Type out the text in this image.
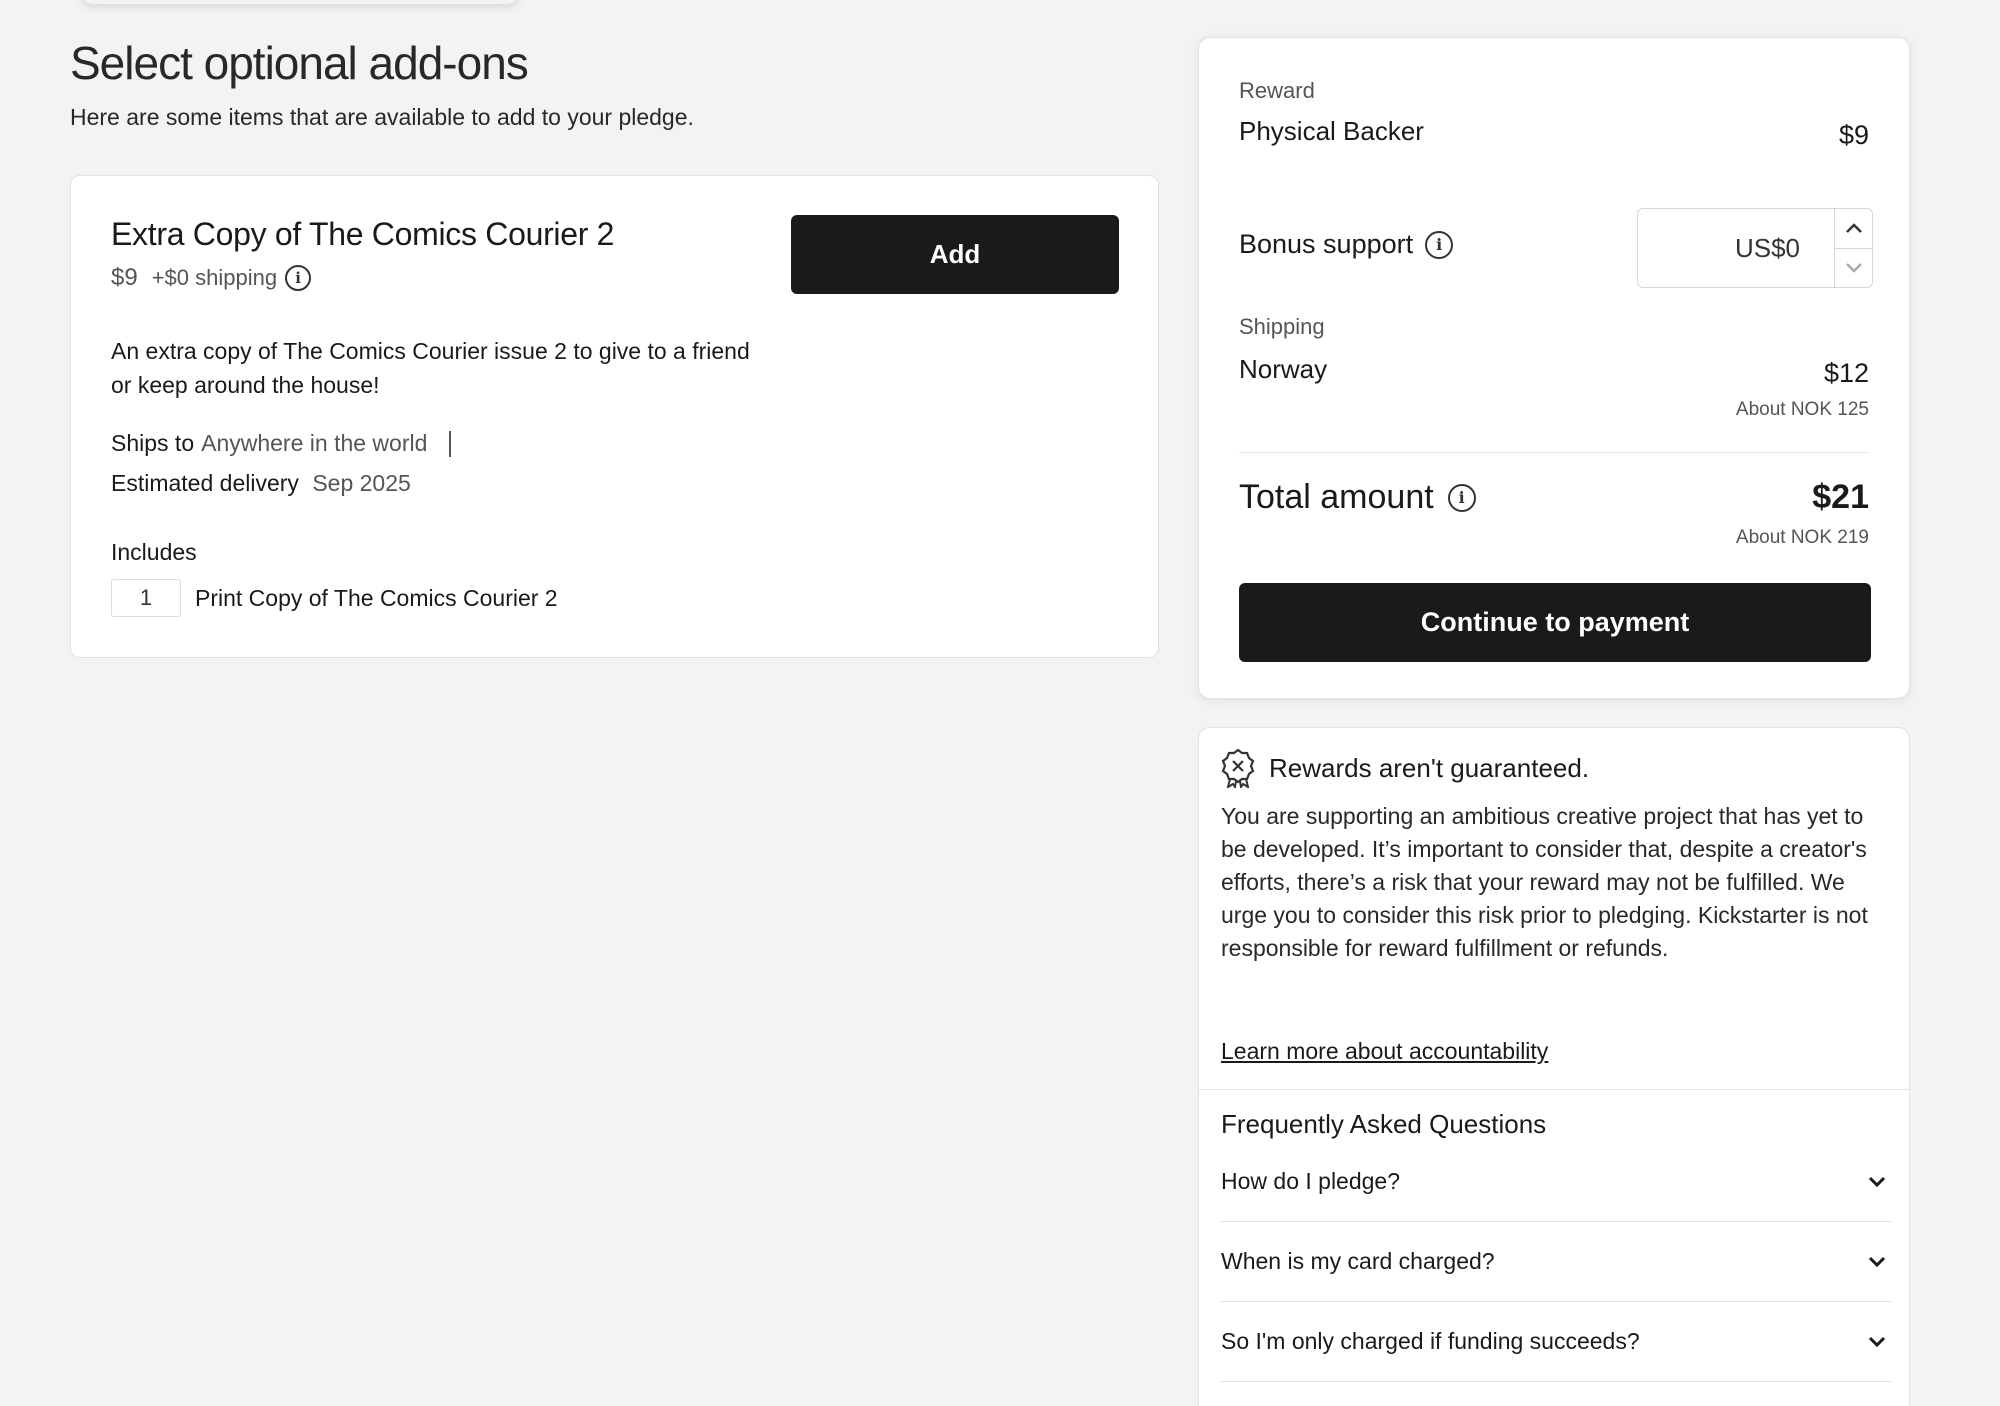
Select optional add-ons

Here are some items that are available to add to your pledge.

Extra Copy of The Comics Courier 2
$9 +$0 shipping	i
Add

An extra copy of The Comics Courier issue 2 to give to a friend or keep around the house!

Ships to Anywhere in the world
Estimated delivery Sep 2025
Includes
1	Print Copy of The Comics Courier 2
Reward
Physical Backer	$9
Bonus support	i	US$0
Shipping
Norway	$12
About NOK 125
Total amount	i	$21
About NOK 219
Continue to payment
Rewards aren't guaranteed.

You are supporting an ambitious creative project that has yet to be developed. It’s important to consider that, despite a creator's efforts, there’s a risk that your reward may not be fulfilled. We urge you to consider this risk prior to pledging. Kickstarter is not responsible for reward fulfillment or refunds.

Learn more about accountability
Frequently Asked Questions
How do I pledge?
When is my card charged?
So I'm only charged if funding succeeds?
